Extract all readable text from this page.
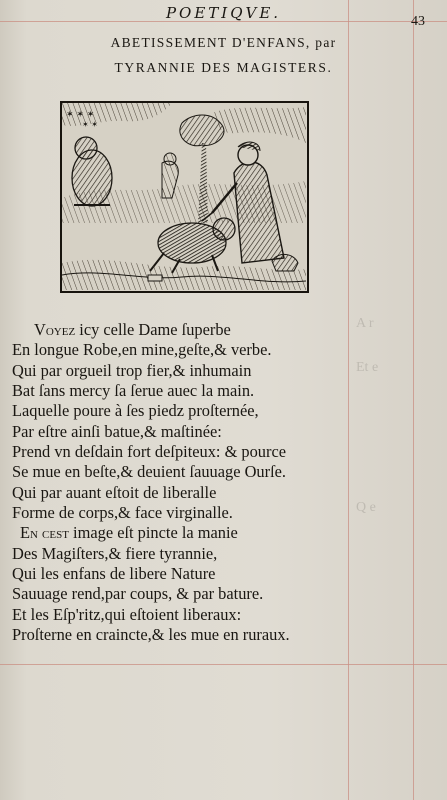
POETIQVE.	43
ABETISSEMENT D'ENFANS, par
TYRANNIE DES MAGISTERS.
✶ ✶ ✶
✶ ✶
Voyez icy celle Dame ſuperbe
En longue Robe,en mine,geſte,& verbe.
Qui par orgueil trop fier,& inhumain
Bat ſans mercy ſa ſerue auec la main.
Laquelle poure à ſes piedz proſternée,
Par eſtre ainſi batue,& maſtinée:
Prend vn deſdain fort deſpiteux: & pource
Se mue en beſte,& deuient ſauuage Ourſe.
Qui par auant eſtoit de liberalle
Forme de corps,& face virginalle.
En cest image eſt pincte la manie
Des Magiſters,& fiere tyrannie,
Qui les enfans de libere Nature
Sauuage rend,par coups, & par bature.
Et les Eſp'ritz,qui eſtoient liberaux:
Proſterne en craincte,& les mue en ruraux.
A r
Et e
Q e
